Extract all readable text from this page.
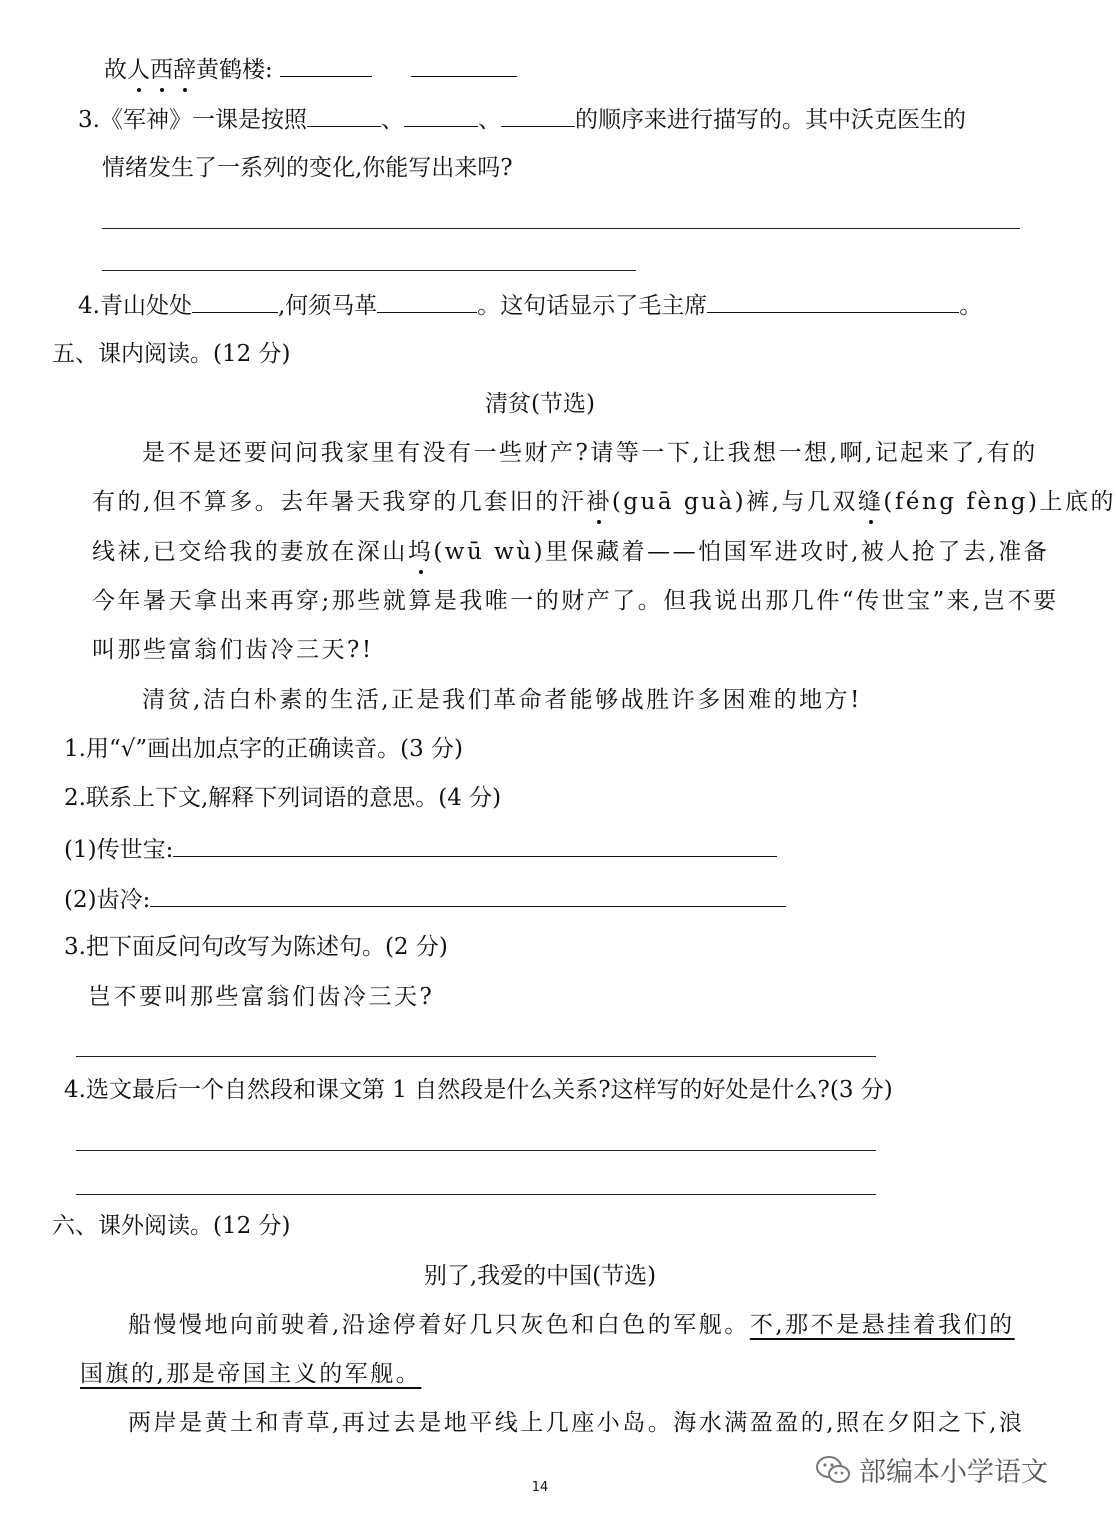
故人西辞黄鹤楼:
3.《军神》一课是按照	、	、	的顺序来进行描写的。其中沃克医生的
情绪发生了一系列的变化,你能写出来吗?
4.青山处处	,何须马革	。这句话显示了毛主席	。
五、课内阅读。(12 分)
清贫(节选)
是不是还要问问我家里有没有一些财产?请等一下,让我想一想,啊,记起来了,有的
有的,但不算多。去年暑天我穿的几套旧的汗褂(guā guà)裤,与几双缝(féng fèng)上底的
线袜,已交给我的妻放在深山坞(wū wù)里保藏着——怕国军进攻时,被人抢了去,准备
今年暑天拿出来再穿;那些就算是我唯一的财产了。但我说出那几件“传世宝”来,岂不要
叫那些富翁们齿冷三天?!
清贫,洁白朴素的生活,正是我们革命者能够战胜许多困难的地方!
1.用“√”画出加点字的正确读音。(3 分)
2.联系上下文,解释下列词语的意思。(4 分)
(1)传世宝:
(2)齿冷:
3.把下面反问句改写为陈述句。(2 分)
岂不要叫那些富翁们齿冷三天?
4.选文最后一个自然段和课文第 1 自然段是什么关系?这样写的好处是什么?(3 分)
六、课外阅读。(12 分)
别了,我爱的中国(节选)
船慢慢地向前驶着,沿途停着好几只灰色和白色的军舰。不,那不是悬挂着我们的
国旗的,那是帝国主义的军舰。
两岸是黄土和青草,再过去是地平线上几座小岛。海水满盈盈的,照在夕阳之下,浪
14	部编本小学语文
